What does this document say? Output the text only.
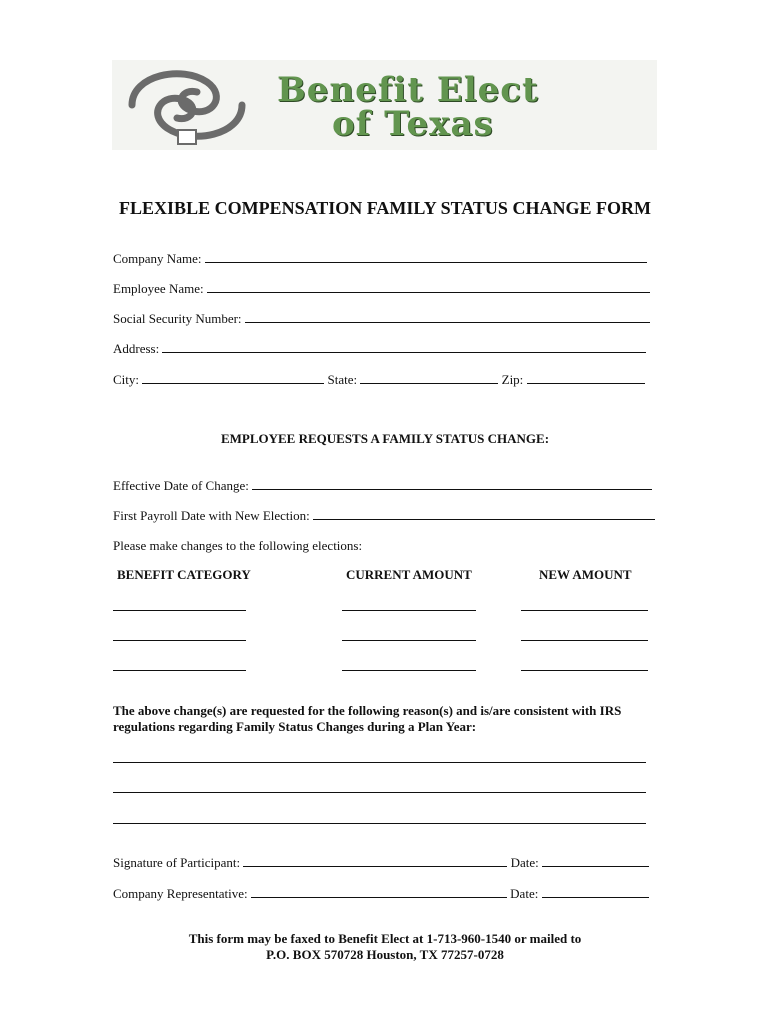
Benefit Elect
of Texas
FLEXIBLE COMPENSATION FAMILY STATUS CHANGE FORM
Company Name:
Employee Name:
Social Security Number:
Address:
City:	State:	Zip:
EMPLOYEE REQUESTS A FAMILY STATUS CHANGE:
Effective Date of Change:
First Payroll Date with New Election:
Please make changes to the following elections:
BENEFIT CATEGORY	CURRENT AMOUNT	NEW AMOUNT
The above change(s) are requested for the following reason(s) and is/are consistent with IRS regulations regarding Family Status Changes during a Plan Year:
Signature of Participant:	Date:
Company Representative:	Date:
This form may be faxed to Benefit Elect at 1-713-960-1540 or mailed to
P.O. BOX 570728 Houston, TX 77257-0728
